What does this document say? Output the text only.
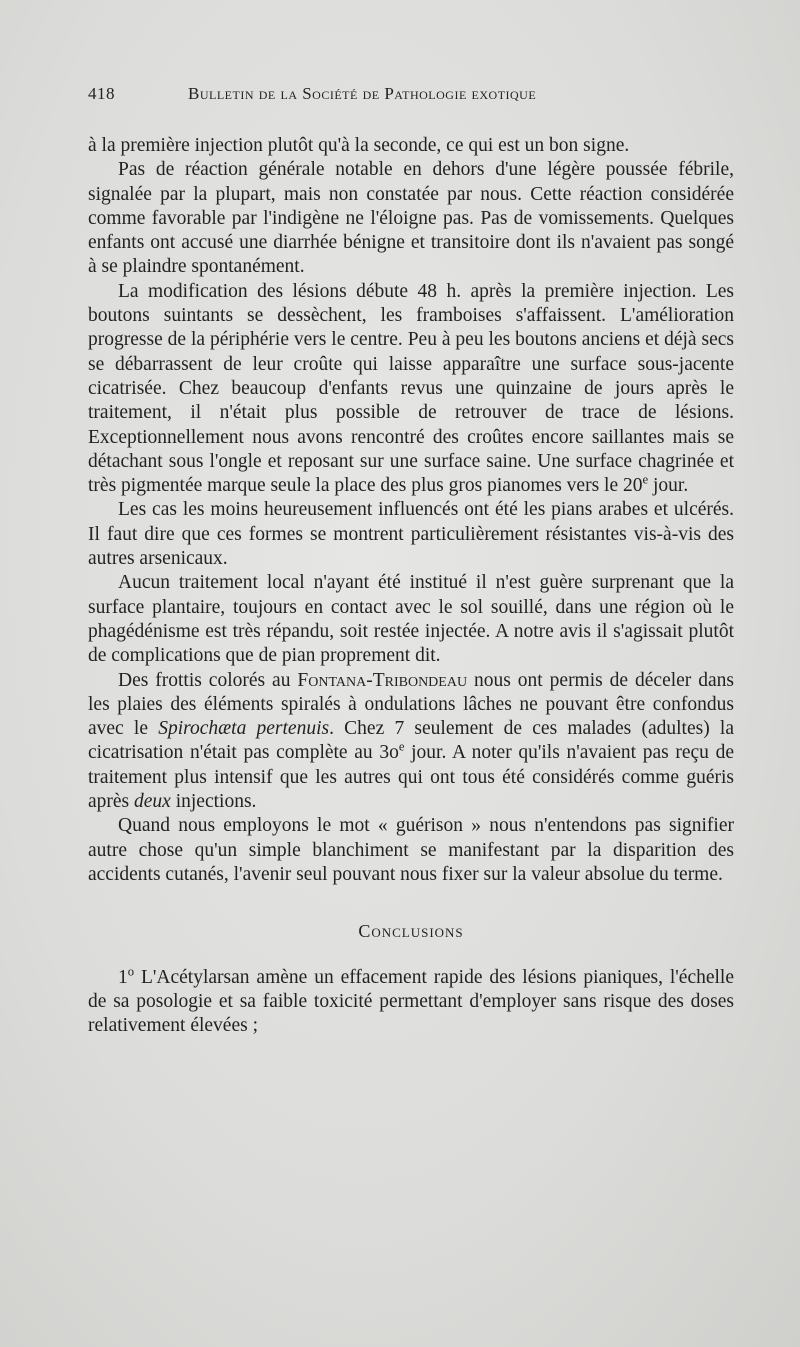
418	Bulletin de la Société de Pathologie exotique

à la première injection plutôt qu'à la seconde, ce qui est un bon signe.

Pas de réaction générale notable en dehors d'une légère poussée fébrile, signalée par la plupart, mais non constatée par nous. Cette réaction considérée comme favorable par l'indigène ne l'éloigne pas. Pas de vomissements. Quelques enfants ont accusé une diarrhée bénigne et transitoire dont ils n'avaient pas songé à se plaindre spontanément.

La modification des lésions débute 48 h. après la première injection. Les boutons suintants se dessèchent, les framboises s'affaissent. L'amélioration progresse de la périphérie vers le centre. Peu à peu les boutons anciens et déjà secs se débarrassent de leur croûte qui laisse apparaître une surface sous-jacente cicatrisée. Chez beaucoup d'enfants revus une quinzaine de jours après le traitement, il n'était plus possible de retrouver de trace de lésions. Exceptionnellement nous avons rencontré des croûtes encore saillantes mais se détachant sous l'ongle et reposant sur une surface saine. Une surface chagrinée et très pigmentée marque seule la place des plus gros pianomes vers le 20e jour.

Les cas les moins heureusement influencés ont été les pians arabes et ulcérés. Il faut dire que ces formes se montrent particulièrement résistantes vis-à-vis des autres arsenicaux.

Aucun traitement local n'ayant été institué il n'est guère surprenant que la surface plantaire, toujours en contact avec le sol souillé, dans une région où le phagédénisme est très répandu, soit restée injectée. A notre avis il s'agissait plutôt de complications que de pian proprement dit.

Des frottis colorés au Fontana-Tribondeau nous ont permis de déceler dans les plaies des éléments spiralés à ondulations lâches ne pouvant être confondus avec le Spirochæta pertenuis. Chez 7 seulement de ces malades (adultes) la cicatrisation n'était pas complète au $3o^e$ jour. A noter qu'ils n'avaient pas reçu de traitement plus intensif que les autres qui ont tous été considérés comme guéris après deux injections.

Quand nous employons le mot « guérison » nous n'entendons pas signifier autre chose qu'un simple blanchiment se manifestant par la disparition des accidents cutanés, l'avenir seul pouvant nous fixer sur la valeur absolue du terme.

Conclusions

1$^o$ L'Acétylarsan amène un effacement rapide des lésions pianiques, l'échelle de sa posologie et sa faible toxicité permettant d'employer sans risque des doses relativement élevées ;
